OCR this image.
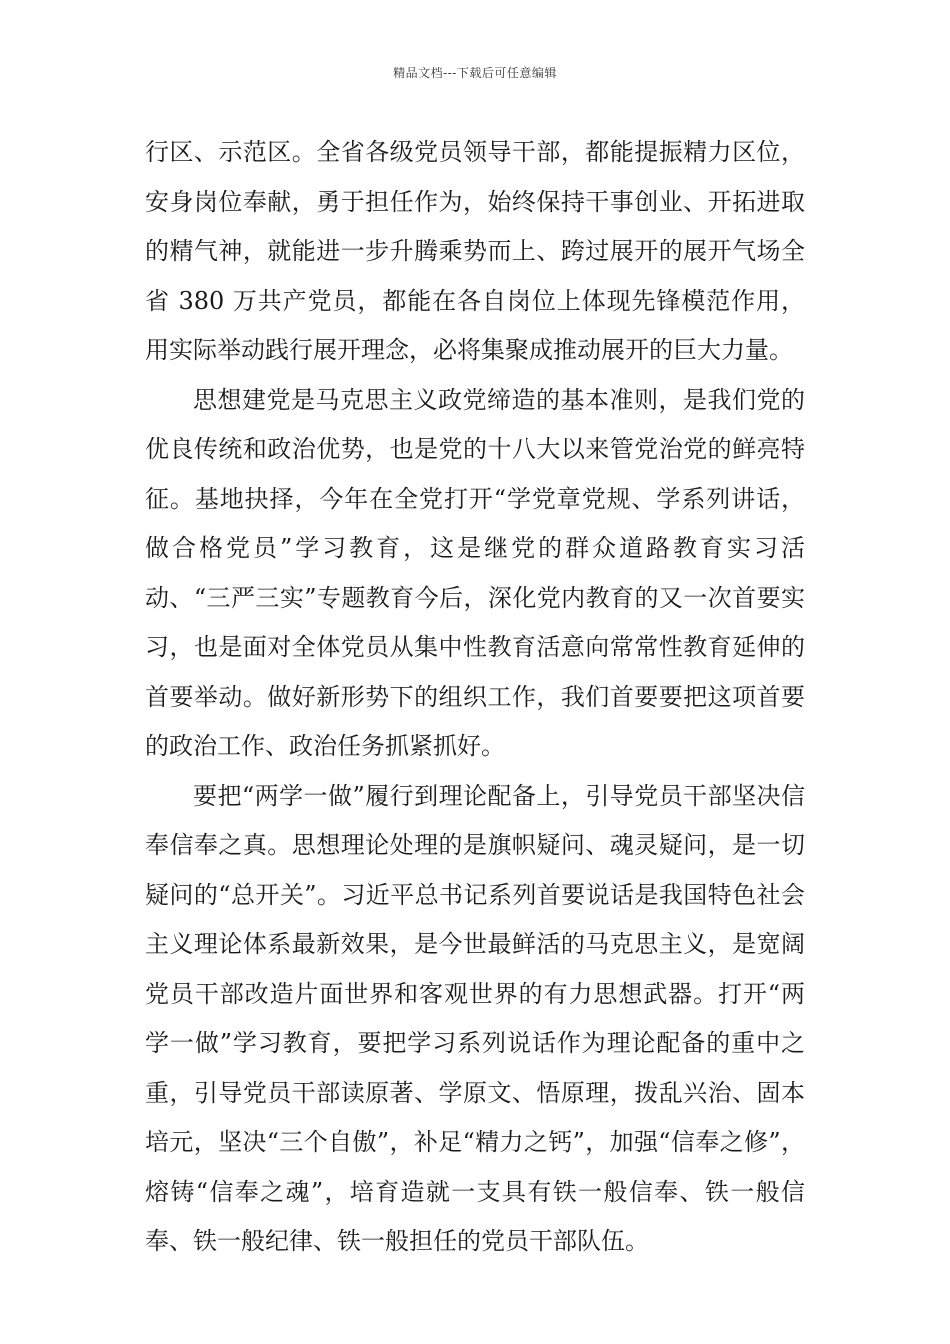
精品文档---下载后可任意编辑

行区、示范区。全省各级党员领导干部，都能提振精力区位，安身岗位奉献，勇于担任作为，始终保持干事创业、开拓进取的精气神，就能进一步升腾乘势而上、跨过展开的展开气场全省 380 万共产党员，都能在各自岗位上体现先锋模范作用，用实际举动践行展开理念，必将集聚成推动展开的巨大力量。

思想建党是马克思主义政党缔造的基本准则，是我们党的优良传统和政治优势，也是党的十八大以来管党治党的鲜亮特征。基地抉择，今年在全党打开“学党章党规、学系列讲话，做合格党员”学习教育，这是继党的群众道路教育实习活动、“三严三实”专题教育今后，深化党内教育的又一次首要实习，也是面对全体党员从集中性教育活意向常常性教育延伸的首要举动。做好新形势下的组织工作，我们首要要把这项首要的政治工作、政治任务抓紧抓好。

要把“两学一做”履行到理论配备上，引导党员干部坚决信奉信奉之真。思想理论处理的是旗帜疑问、魂灵疑问，是一切疑问的“总开关”。习近平总书记系列首要说话是我国特色社会主义理论体系最新效果，是今世最鲜活的马克思主义，是宽阔党员干部改造片面世界和客观世界的有力思想武器。打开“两学一做”学习教育，要把学习系列说话作为理论配备的重中之重，引导党员干部读原著、学原文、悟原理，拨乱兴治、固本培元，坚决“三个自傲”，补足“精力之钙”，加强“信奉之修”，熔铸“信奉之魂”，培育造就一支具有铁一般信奉、铁一般信奉、铁一般纪律、铁一般担任的党员干部队伍。
